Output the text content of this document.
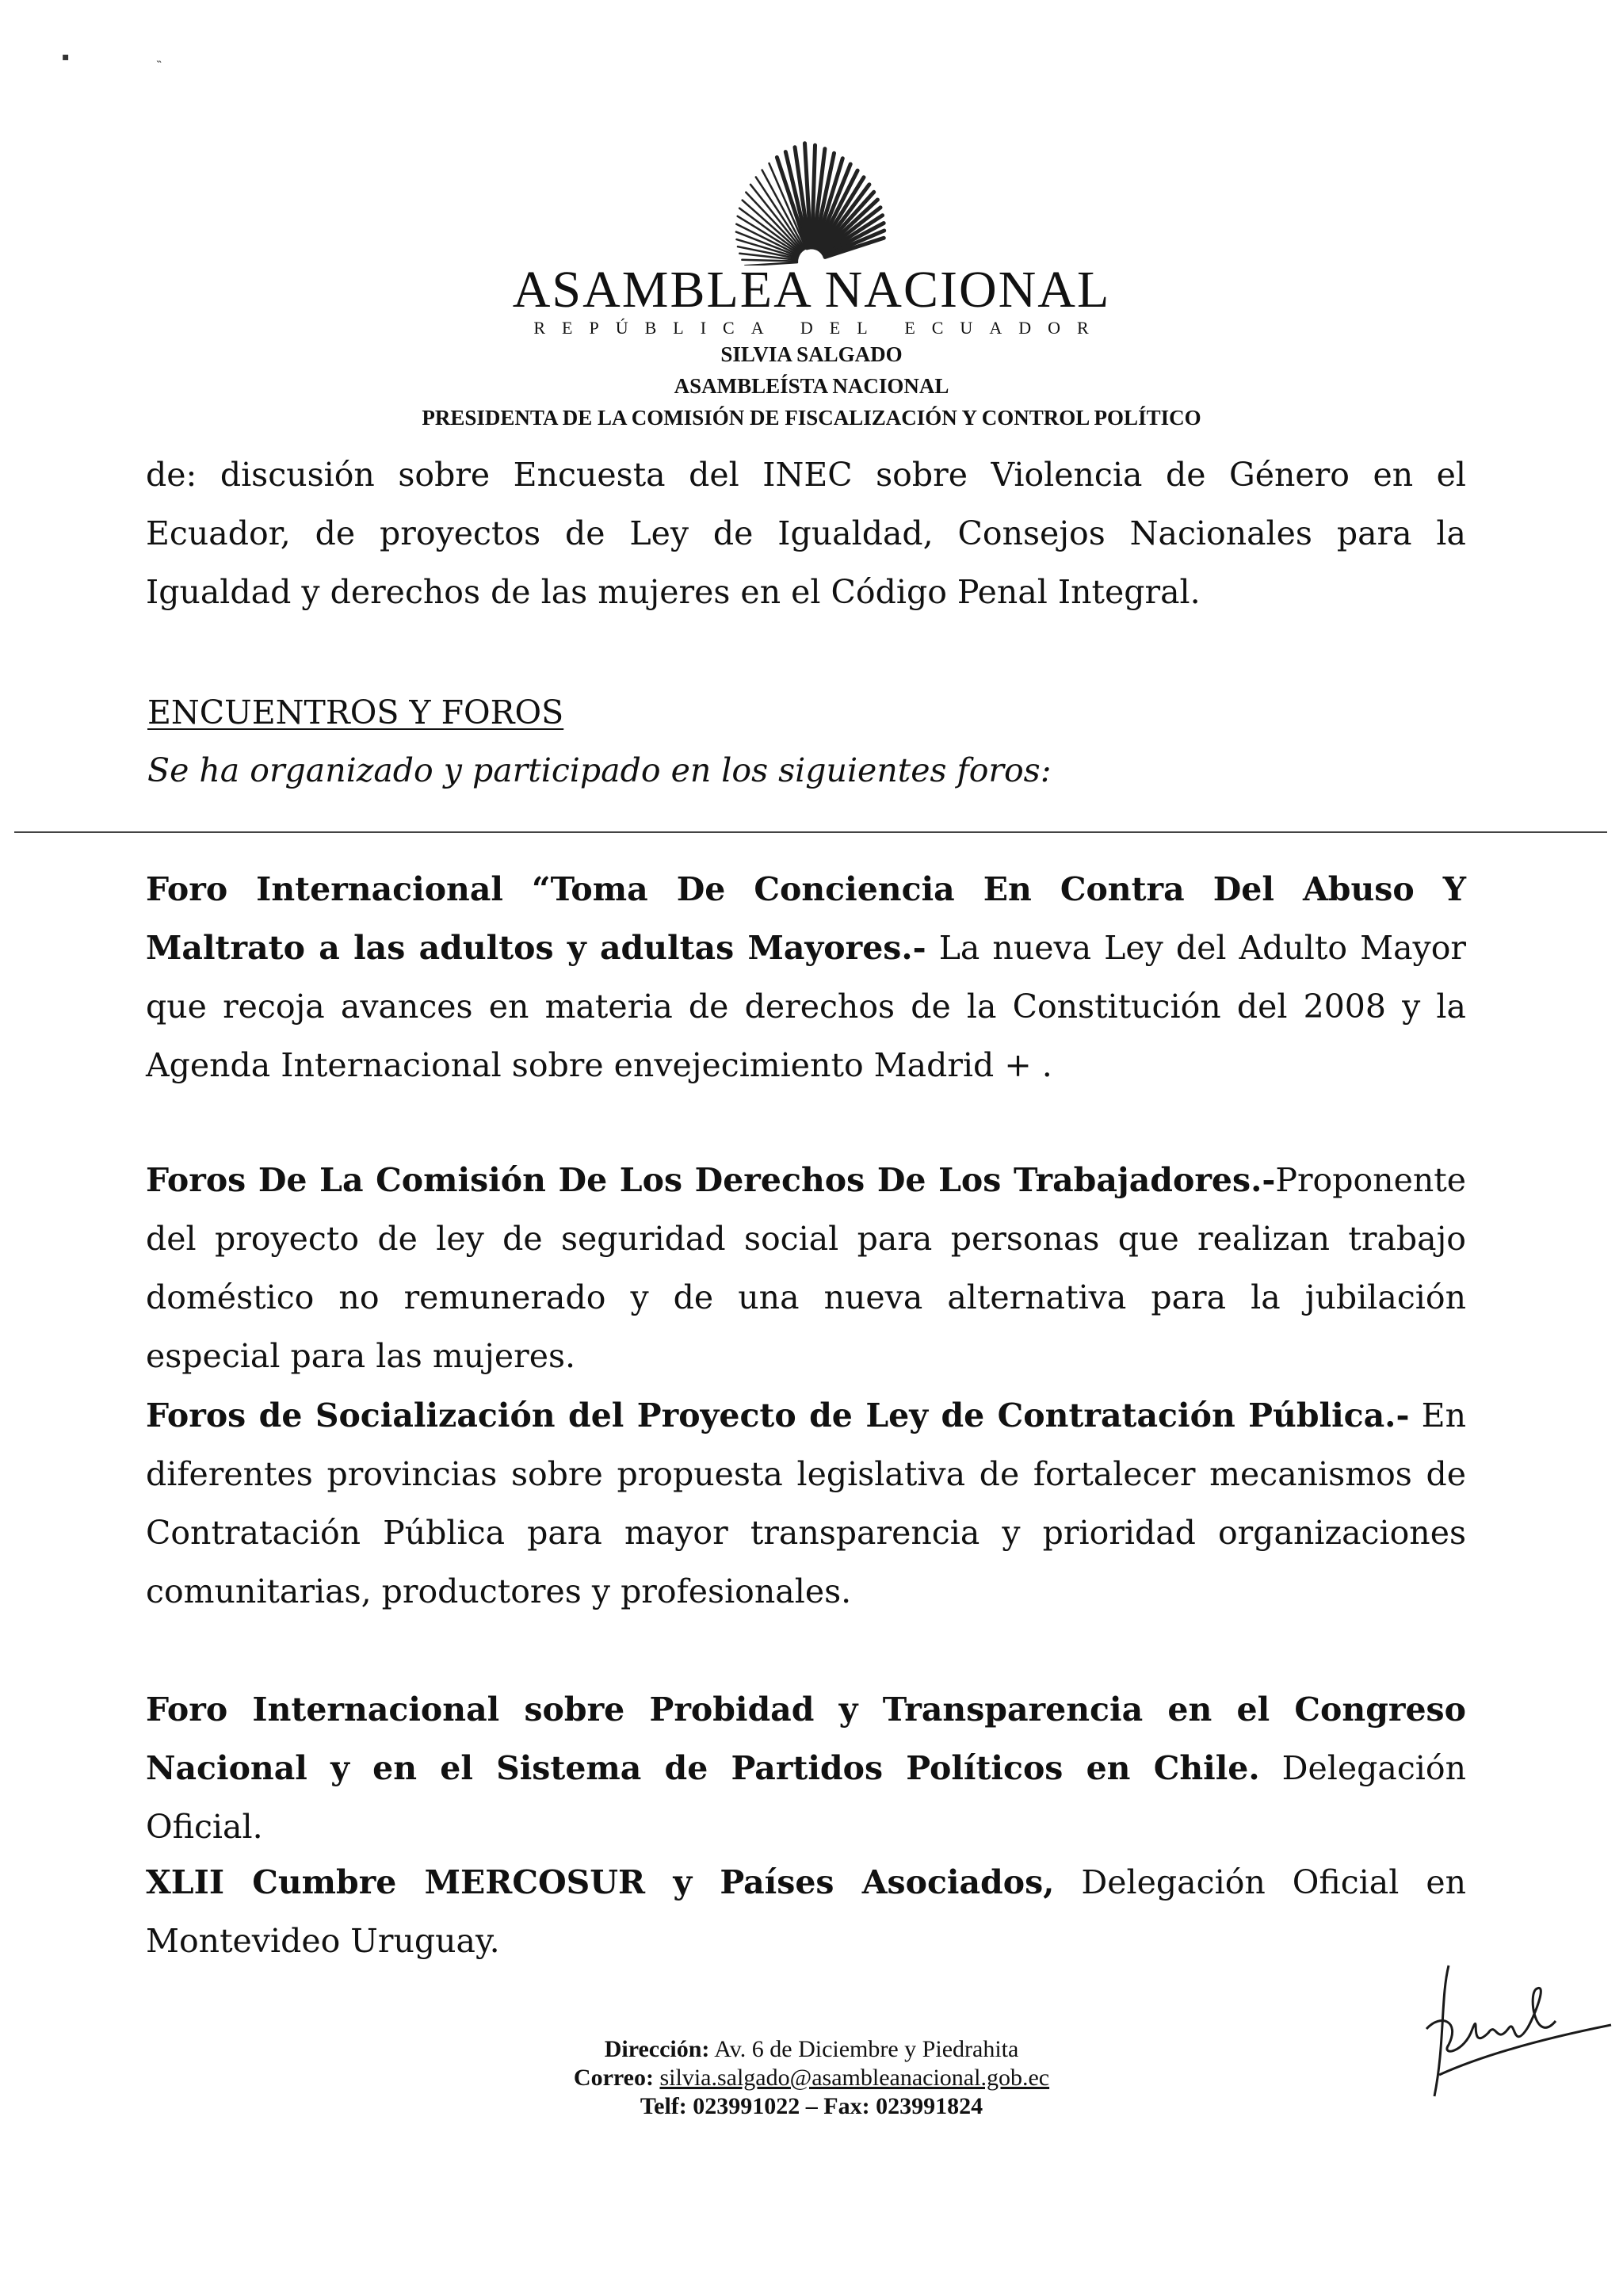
▪	˵
ASAMBLEA NACIONAL
REPÚBLICA DEL ECUADOR
SILVIA SALGADO
ASAMBLEÍSTA NACIONAL
PRESIDENTA DE LA COMISIÓN DE FISCALIZACIÓN Y CONTROL POLÍTICO
de: discusión sobre Encuesta del INEC sobre Violencia de Género en el Ecuador, de proyectos de Ley de Igualdad, Consejos Nacionales para la Igualdad y derechos de las mujeres en el Código Penal Integral.
ENCUENTROS Y FOROS
Se ha organizado y participado en los siguientes foros:
Foro Internacional “Toma De Conciencia En Contra Del Abuso Y Maltrato a las adultos y adultas Mayores.- La nueva Ley del Adulto Mayor que recoja avances en materia de derechos de la Constitución del 2008 y la Agenda Internacional sobre envejecimiento Madrid + .
Foros De La Comisión De Los Derechos De Los Trabajadores.-Proponente del proyecto de ley de seguridad social para personas que realizan trabajo doméstico no remunerado y de una nueva alternativa para la jubilación especial para las mujeres.
Foros de Socialización del Proyecto de Ley de Contratación Pública.- En diferentes provincias sobre propuesta legislativa de fortalecer mecanismos de Contratación Pública para mayor transparencia y prioridad organizaciones comunitarias, productores y profesionales.
Foro Internacional sobre Probidad y Transparencia en el Congreso Nacional y en el Sistema de Partidos Políticos en Chile. Delegación Oficial.
XLII Cumbre MERCOSUR y Países Asociados, Delegación Oficial en Montevideo Uruguay.
Dirección: Av. 6 de Diciembre y Piedrahita
Correo: silvia.salgado@asambleanacional.gob.ec
Telf: 023991022 – Fax: 023991824
